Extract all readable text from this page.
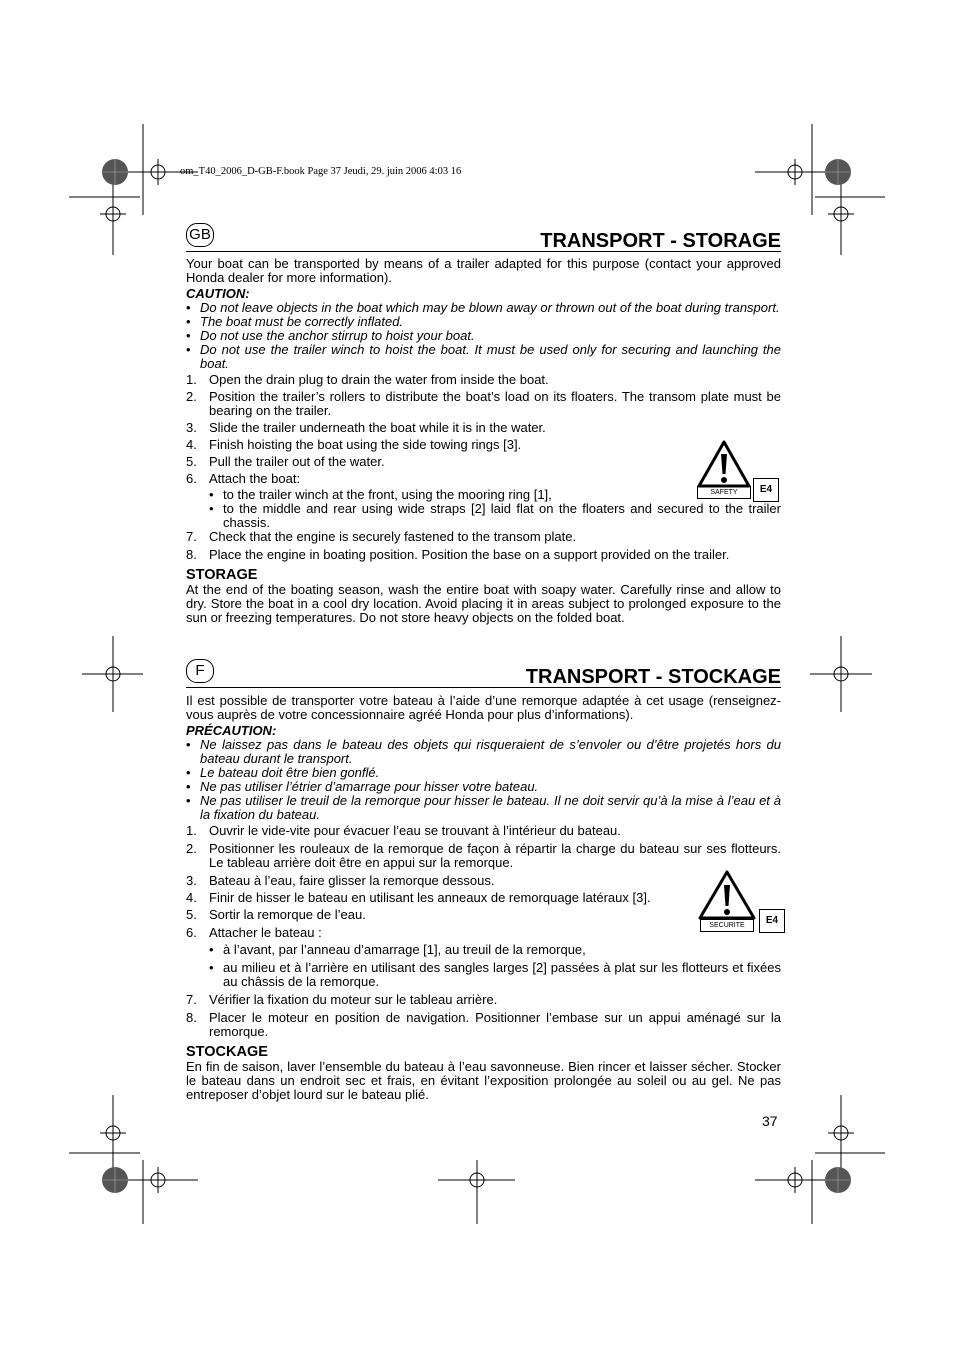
om_T40_2006_D-GB-F.book Page 37 Jeudi, 29. juin 2006 4:03 16
GB	TRANSPORT - STORAGE

Your boat can be transported by means of a trailer adapted for this purpose (contact your approved Honda dealer for more information).

CAUTION:

• Do not leave objects in the boat which may be blown away or thrown out of the boat during transport.
• The boat must be correctly inflated.
• Do not use the anchor stirrup to hoist your boat.
• Do not use the trailer winch to hoist the boat. It must be used only for securing and launching the boat.
1. Open the drain plug to drain the water from inside the boat.
2. Position the trailer’s rollers to distribute the boat’s load on its floaters. The transom plate must be bearing on the trailer.
3. Slide the trailer underneath the boat while it is in the water.
4. Finish hoisting the boat using the side towing rings [3].
5. Pull the trailer out of the water.
6. Attach the boat:
• to the trailer winch at the front, using the mooring ring [1],
• to the middle and rear using wide straps [2] laid flat on the floaters and secured to the trailer chassis.
7. Check that the engine is securely fastened to the transom plate.
8. Place the engine in boating position. Position the base on a support provided on the trailer.

STORAGE

At the end of the boating season, wash the entire boat with soapy water. Carefully rinse and allow to dry. Store the boat in a cool dry location. Avoid placing it in areas subject to prolonged exposure to the sun or freezing temperatures. Do not store heavy objects on the folded boat.

SAFETY	E4
F	TRANSPORT - STOCKAGE

Il est possible de transporter votre bateau à l’aide d’une remorque adaptée à cet usage (renseignez-vous auprès de votre concessionnaire agréé Honda pour plus d’informations).

PRÉCAUTION:

• Ne laissez pas dans le bateau des objets qui risqueraient de s’envoler ou d’être projetés hors du bateau durant le transport.
• Le bateau doit être bien gonflé.
• Ne pas utiliser l’étrier d’amarrage pour hisser votre bateau.
• Ne pas utiliser le treuil de la remorque pour hisser le bateau. Il ne doit servir qu’à la mise à l’eau et à la fixation du bateau.
1. Ouvrir le vide-vite pour évacuer l’eau se trouvant à l’intérieur du bateau.
2. Positionner les rouleaux de la remorque de façon à répartir la charge du bateau sur ses flotteurs. Le tableau arrière doit être en appui sur la remorque.
3. Bateau à l’eau, faire glisser la remorque dessous.
4. Finir de hisser le bateau en utilisant les anneaux de remorquage latéraux [3].
5. Sortir la remorque de l’eau.
6. Attacher le bateau :
• à l’avant, par l’anneau d’amarrage [1], au treuil de la remorque,
• au milieu et à l’arrière en utilisant des sangles larges [2] passées à plat sur les flotteurs et fixées au châssis de la remorque.
7. Vérifier la fixation du moteur sur le tableau arrière.
8. Placer le moteur en position de navigation. Positionner l’embase sur un appui aménagé sur la remorque.

STOCKAGE

En fin de saison, laver l’ensemble du bateau à l’eau savonneuse. Bien rincer et laisser sécher. Stocker le bateau dans un endroit sec et frais, en évitant l’exposition prolongée au soleil ou au gel. Ne pas entreposer d’objet lourd sur le bateau plié.

SECURITE	E4
37
